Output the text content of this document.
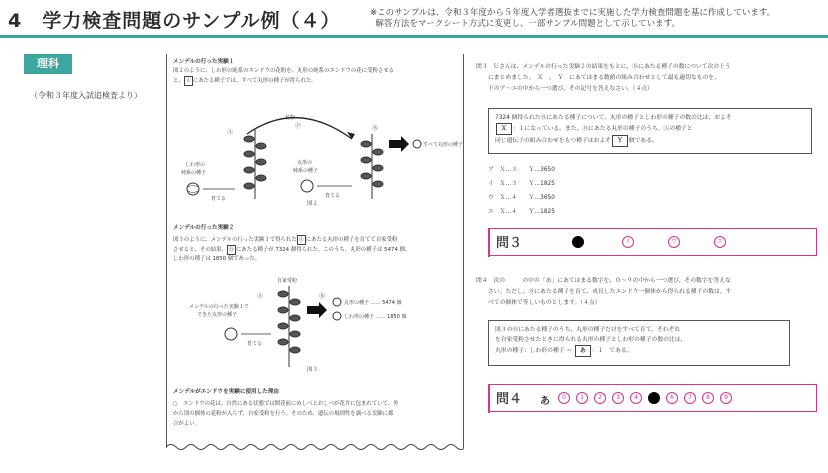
4　学力検査問題のサンプル例（４）	※このサンプルは、令和３年度から５年度入学者選抜までに実施した学力検査問題を基に作成しています。
解答方法をマークシート方式に変更し、一部サンプル問題として示しています。
理科
（令和３年度入試追検査より）
メンデルの行った実験１
図２のように、しわ形の純系のエンドウの花粉を、丸形の純系のエンドウの花に受粉させる
と、 Ⓐ にあたる種子では、すべて丸形の種子が得られた。
Ⓐ
Ⓟ	Ⓑ
花粉
しわ形の
純系の種子
育てる
丸形の
純系の種子
育てる
すべて丸形の種子
図２
メンデルの行った実験２
図３のように、メンデルの行った実験１で得られた Ⓐ にあたる丸形の種子を育てて自家受粉
させると、その結果、 Ⓑ にあたる種子が 7324 個得られた。このうち、丸形の種子は 5474 個、
しわ形の種子は 1850 個であった。
自家受粉
Ⓐ	Ⓑ
メンデルの行った実験１で
できた丸形の種子
育てる
丸形の種子 …… 5474 個
しわ形の種子 …… 1850 個
図３
メンデルがエンドウを実験に使用した理由
○　エンドウの花は、自然にある状態では開花前にめしべとおしべが花弁に包まれていて、外
から別の個体の花粉が入らず、自家受粉を行う。そのため、遺伝の規則性を調べる実験に都
合がよい。
問３　Ｕさんは、メンデルの行った実験２の結果をもとに、Ⓑにあたる種子の数について次の上う
にまとめました。　Ｘ　、　Ｙ　にあてはまる数値の組み合わせとして最も適切なものを、
下のア〜エの中から一つ選び、その記号を答えなさい。（４点）
7324 個得られたⒷにあたる種子について、丸形の種子としわ形の種子の数の比は、およそ
Ｘ ：１になっている。また、Ⓑにあたる丸形の種子のうち、Ⓐの種子と
同じ遺伝子の組み合わせをもつ種子はおよそ Ｙ 個である。
ア　Ｘ…３　　Ｙ…3650
イ　Ｘ…３　　Ｙ…1825
ウ　Ｘ…４　　Ｙ…3650
エ　Ｘ…４　　Ｙ…1825
問３	イ	ウ	エ
問４　次の　　　の中の「あ」にあてはまる数字を、０〜９の中から一つ選び、その数字を答えな
さい。ただし、Ⓑにあたる種子を育て、成長したエンドウ一個体から得られる種子の数は、す
べての個体で等しいものとします。（４点）
図３のⒷにあたる種子のうち、丸形の種子だけをすべて育て、それぞれ
を自家受粉させたときに得られる丸形の種子としわ形の種子の数の比は、
丸形の種子：しわ形の種子 ＝ あ ：１　である。
問４ あ	0	1	2	3	4	6	7	8	9
